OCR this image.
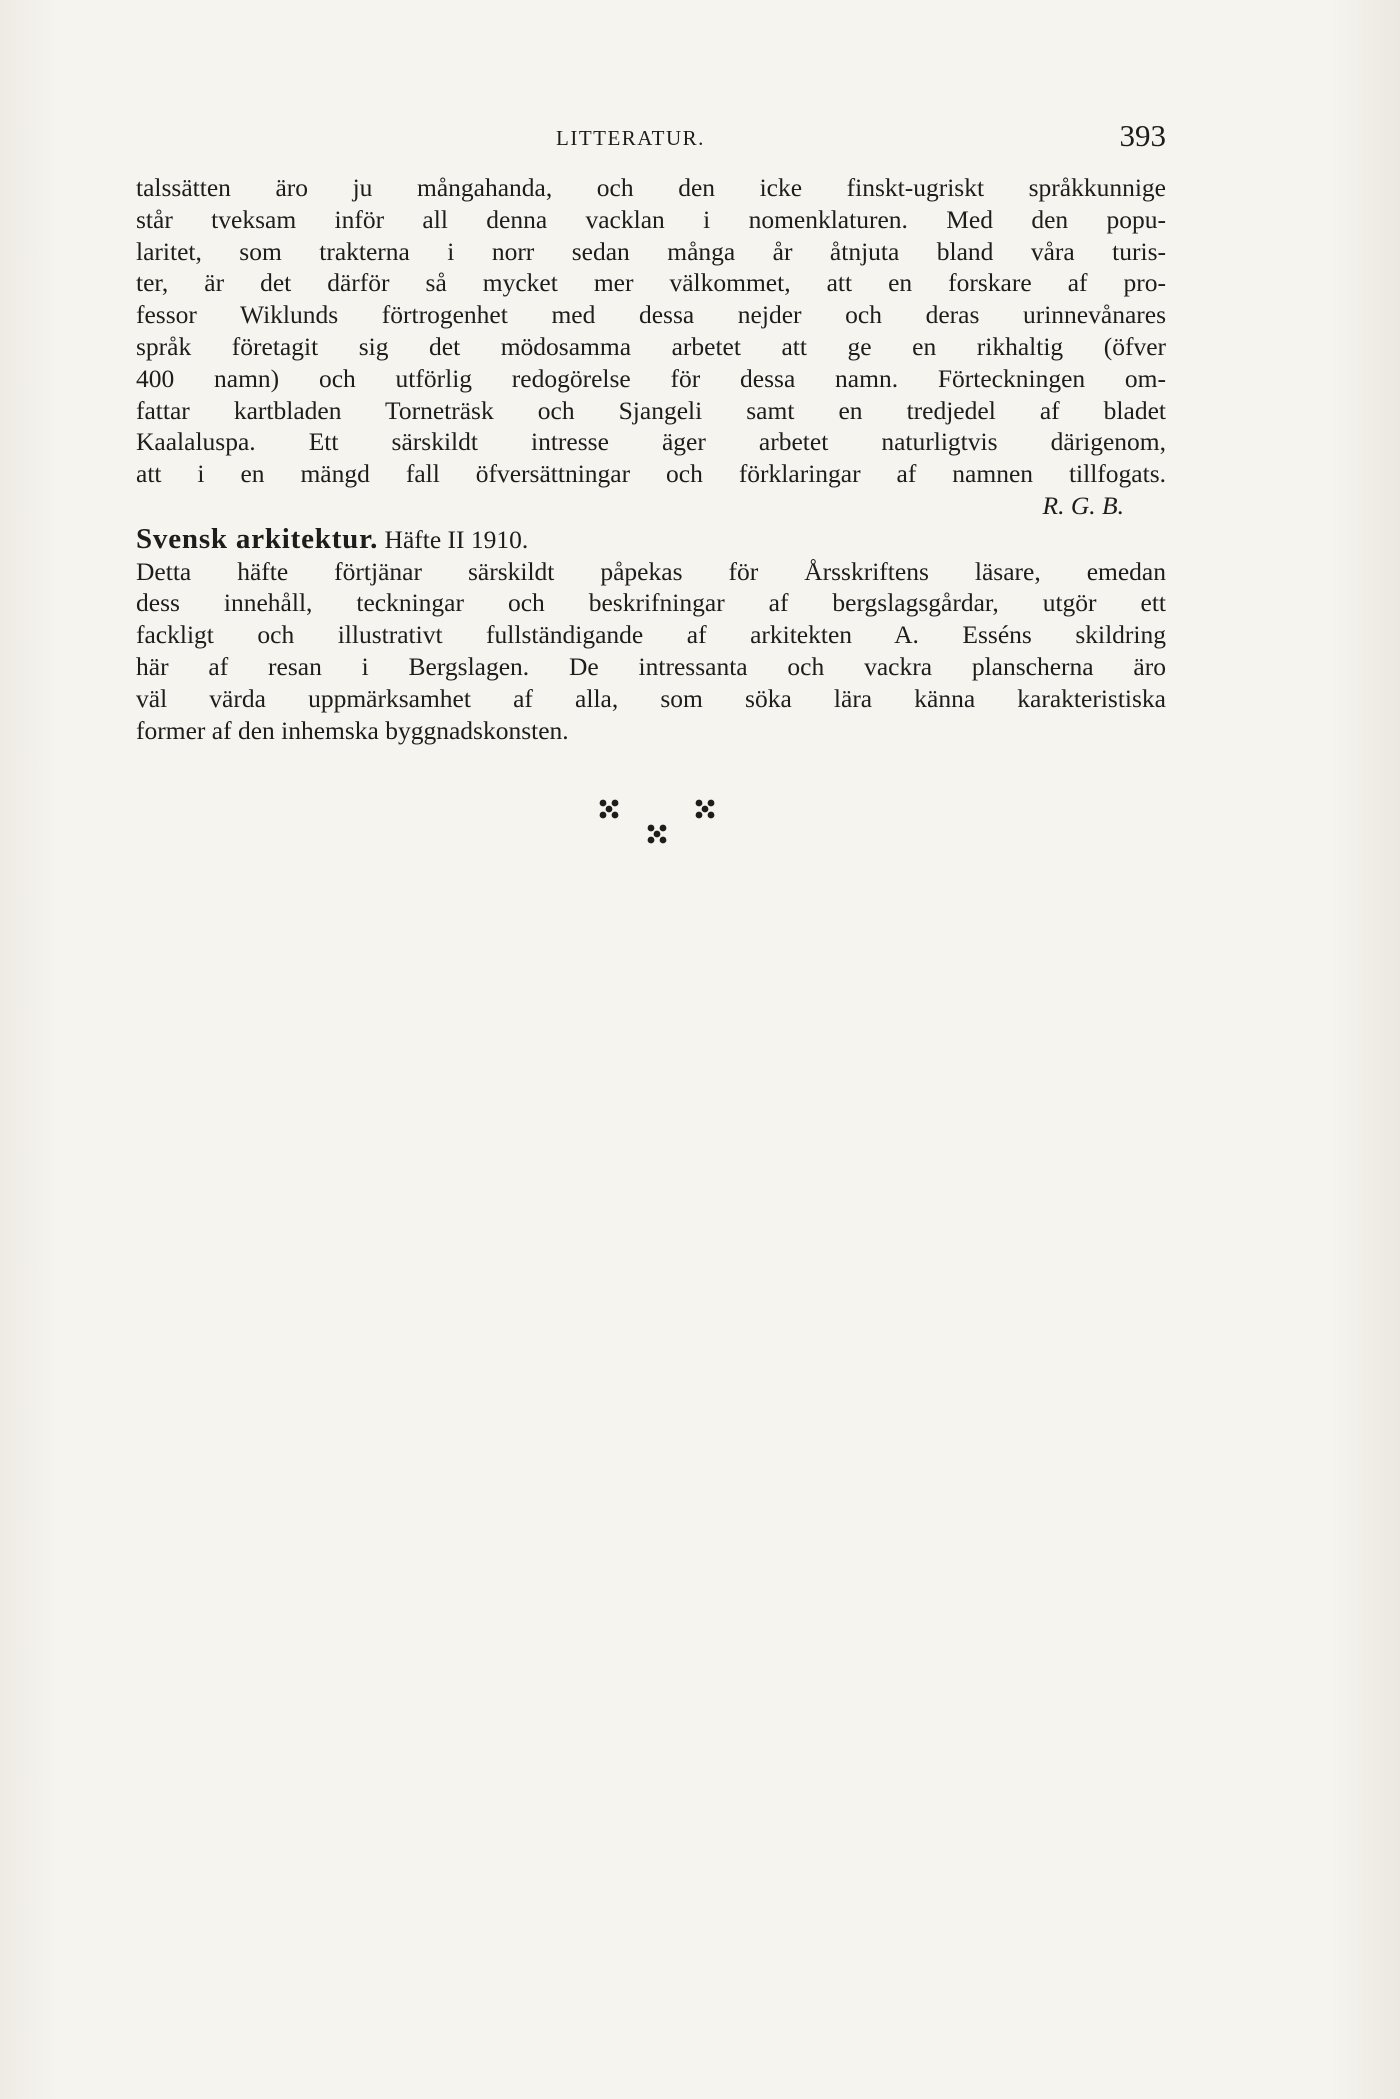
LITTERATUR.	393
talssätten äro ju mångahanda, och den icke finskt-ugriskt språkkunnige
står tveksam inför all denna vacklan i nomenklaturen. Med den popu-
laritet, som trakterna i norr sedan många år åtnjuta bland våra turis-
ter, är det därför så mycket mer välkommet, att en forskare af pro-
fessor Wiklunds förtrogenhet med dessa nejder och deras urinnevånares
språk företagit sig det mödosamma arbetet att ge en rikhaltig (öfver
400 namn) och utförlig redogörelse för dessa namn. Förteckningen om-
fattar kartbladen Torneträsk och Sjangeli samt en tredjedel af bladet
Kaalaluspa. Ett särskildt intresse äger arbetet naturligtvis därigenom,
att i en mängd fall öfversättningar och förklaringar af namnen tillfogats.
R. G. B.
Svensk arkitektur. Häfte II 1910.
Detta häfte förtjänar särskildt påpekas för Årsskriftens läsare, emedan
dess innehåll, teckningar och beskrifningar af bergslagsgårdar, utgör ett
fackligt och illustrativt fullständigande af arkitekten A. Esséns skildring
här af resan i Bergslagen. De intressanta och vackra planscherna äro
väl värda uppmärksamhet af alla, som söka lära känna karakteristiska
former af den inhemska byggnadskonsten.
